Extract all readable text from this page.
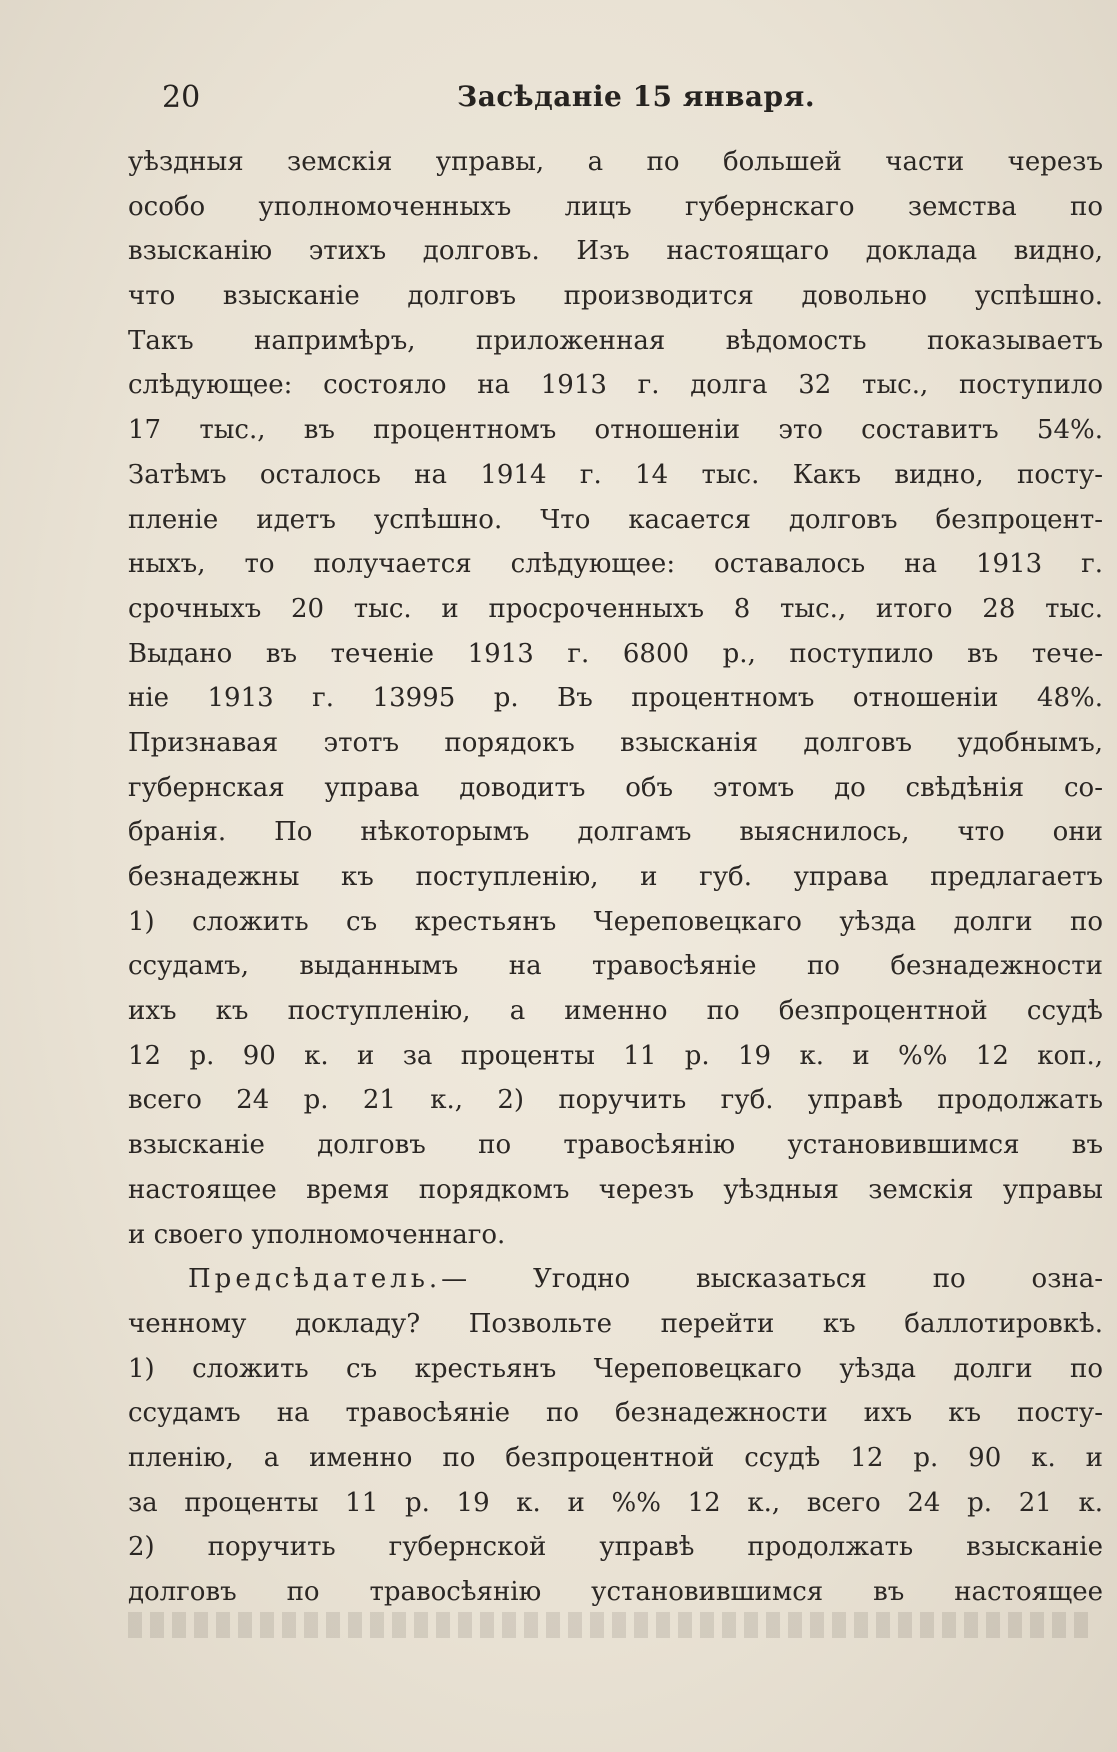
20	Засѣданіе 15 января.
уѣздныя земскія управы, а по большей части черезъ
особо уполномоченныхъ лицъ губернскаго земства по
взысканію этихъ долговъ. Изъ настоящаго доклада видно,
что взысканіе долговъ производится довольно успѣшно.
Такъ напримѣръ, приложенная вѣдомость показываетъ
слѣдующее: состояло на 1913 г. долга 32 тыс., поступило
17 тыс., въ процентномъ отношеніи это составитъ 54%.
Затѣмъ осталось на 1914 г. 14 тыс. Какъ видно, посту-
пленіе идетъ успѣшно. Что касается долговъ безпроцент-
ныхъ, то получается слѣдующее: оставалось на 1913 г.
срочныхъ 20 тыс. и просроченныхъ 8 тыс., итого 28 тыс.
Выдано въ теченіе 1913 г. 6800 р., поступило въ тече-
ніе 1913 г. 13995 р. Въ процентномъ отношеніи 48%.
Признавая этотъ порядокъ взысканія долговъ удобнымъ,
губернская управа доводитъ объ этомъ до свѣдѣнія со-
бранія. По нѣкоторымъ долгамъ выяснилось, что они
безнадежны къ поступленію, и губ. управа предлагаетъ
1) сложить съ крестьянъ Череповецкаго уѣзда долги по
ссудамъ, выданнымъ на травосѣяніе по безнадежности
ихъ къ поступленію, а именно по безпроцентной ссудѣ
12 р. 90 к. и за проценты 11 р. 19 к. и %% 12 коп.,
всего 24 р. 21 к., 2) поручить губ. управѣ продолжать
взысканіе долговъ по травосѣянію установившимся въ
настоящее время порядкомъ черезъ уѣздныя земскія управы
и своего уполномоченнаго.
Предсѣдатель.— Угодно высказаться по озна-
ченному докладу? Позвольте перейти къ баллотировкѣ.
1) сложить съ крестьянъ Череповецкаго уѣзда долги по
ссудамъ на травосѣяніе по безнадежности ихъ къ посту-
пленію, а именно по безпроцентной ссудѣ 12 р. 90 к. и
за проценты 11 р. 19 к. и %% 12 к., всего 24 р. 21 к.
2) поручить губернской управѣ продолжать взысканіе
долговъ по травосѣянію установившимся въ настоящее
